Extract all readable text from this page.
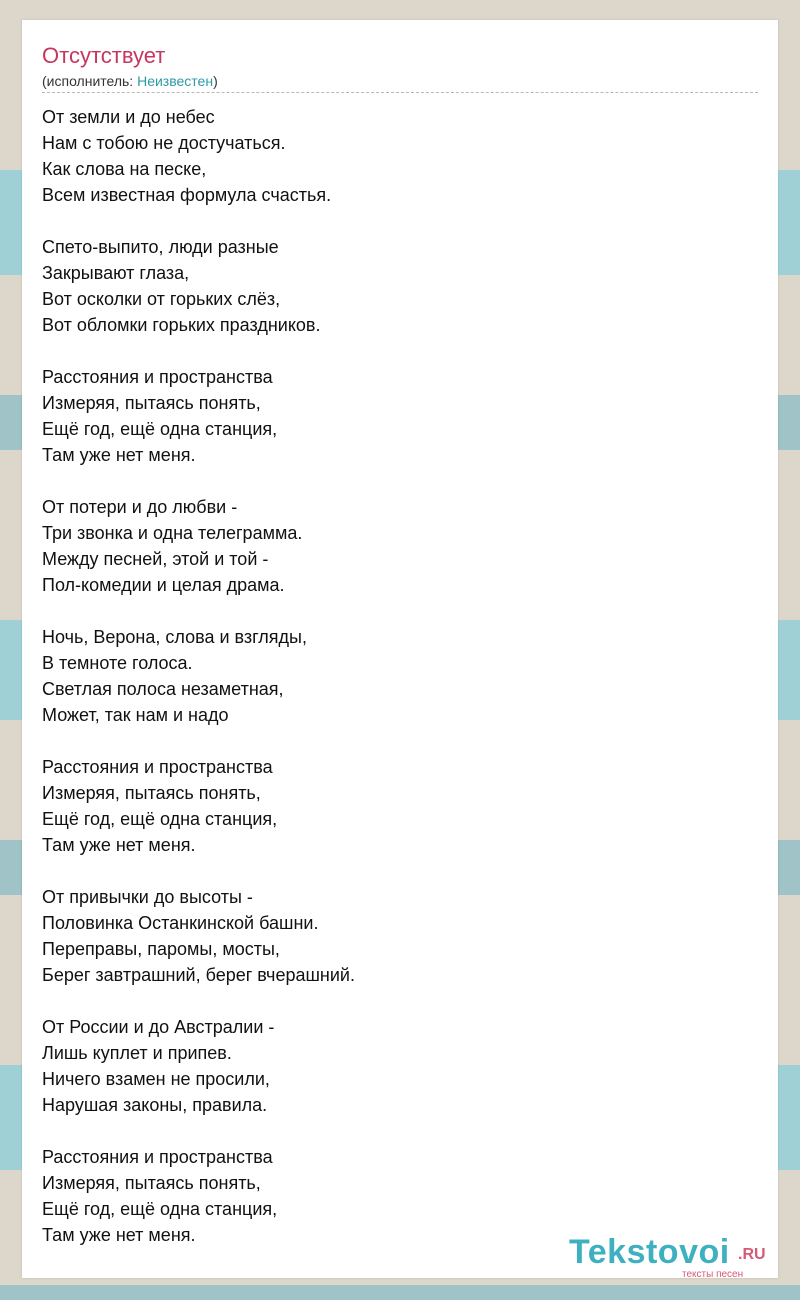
Отсутствует
(исполнитель: Неизвестен)
От земли и до небес
Нам с тобою не достучаться.
Как слова на песке,
Всем известная формула счастья.
Спето-выпито, люди разные
Закрывают глаза,
Вот осколки от горьких слёз,
Вот обломки горьких праздников.
Расстояния и пространства
Измеряя, пытаясь понять,
Ещё год, ещё одна станция,
Там уже нет меня.
От потери и до любви -
Три звонка и одна телеграмма.
Между песней, этой и той -
Пол-комедии и целая драма.
Ночь, Верона, слова и взгляды,
В темноте голоса.
Светлая полоса незаметная,
Может, так нам и надо
Расстояния и пространства
Измеряя, пытаясь понять,
Ещё год, ещё одна станция,
Там уже нет меня.
От привычки до высоты -
Половинка Останкинской башни.
Переправы, паромы, мосты,
Берег завтрашний, берег вчерашний.
От России и до Австралии -
Лишь куплет и припев.
Ничего взамен не просили,
Нарушая законы, правила.
Расстояния и пространства
Измеряя, пытаясь понять,
Ещё год, ещё одна станция,
Там уже нет меня.	Tekstovoi .RU
тексты песен
